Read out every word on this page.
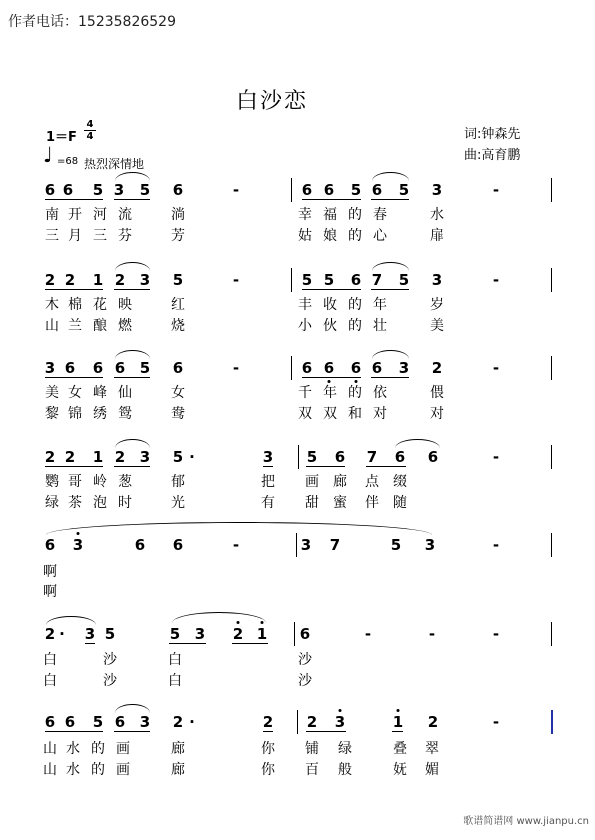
作者电话：15235826529
白沙恋
1＝F
4
4
♩ =68 热烈深情地
词:钟森先
曲:高育鹏
6 6 5 3 5 6	-	6 6 5 6 5 3	-
南 开 河 流	淌	幸 福 的 春	水
三 月 三 芬	芳	姑 娘 的 心	扉
2 2 1 2 3 5	-	5 5 6 7 5 3	-
木 棉 花 映	红	丰 收 的 年	岁
山 兰 酿 燃	烧	小 伙 的 壮	美
3 6 6 6 5 6	-	6 6 6 6 3 2	-
美 女 峰 仙	女	千 年 的 依	偎
黎 锦 绣 鸳	鸯	双 双 和 对	对
2 2 1 2 3 5 ·	3 5 6 7 6 6	-
鹦 哥 岭 葱	郁	把 画 廊 点 缀
绿 茶 泡 时	光	有 甜 蜜 伴 随
6 3	6 6	-	3 7	5 3	-
啊
啊
2 · 3 5	5 3 2 1 6	-	-	-
白	沙	白	沙
白	沙	白	沙
6 6 5 6 3 2 ·	2 2 3	1 2	-
山 水 的 画	廊	你 铺 绿	叠 翠
山 水 的 画	廊	你 百 般	妩 媚
歌谱简谱网 www.jianpu.cn
